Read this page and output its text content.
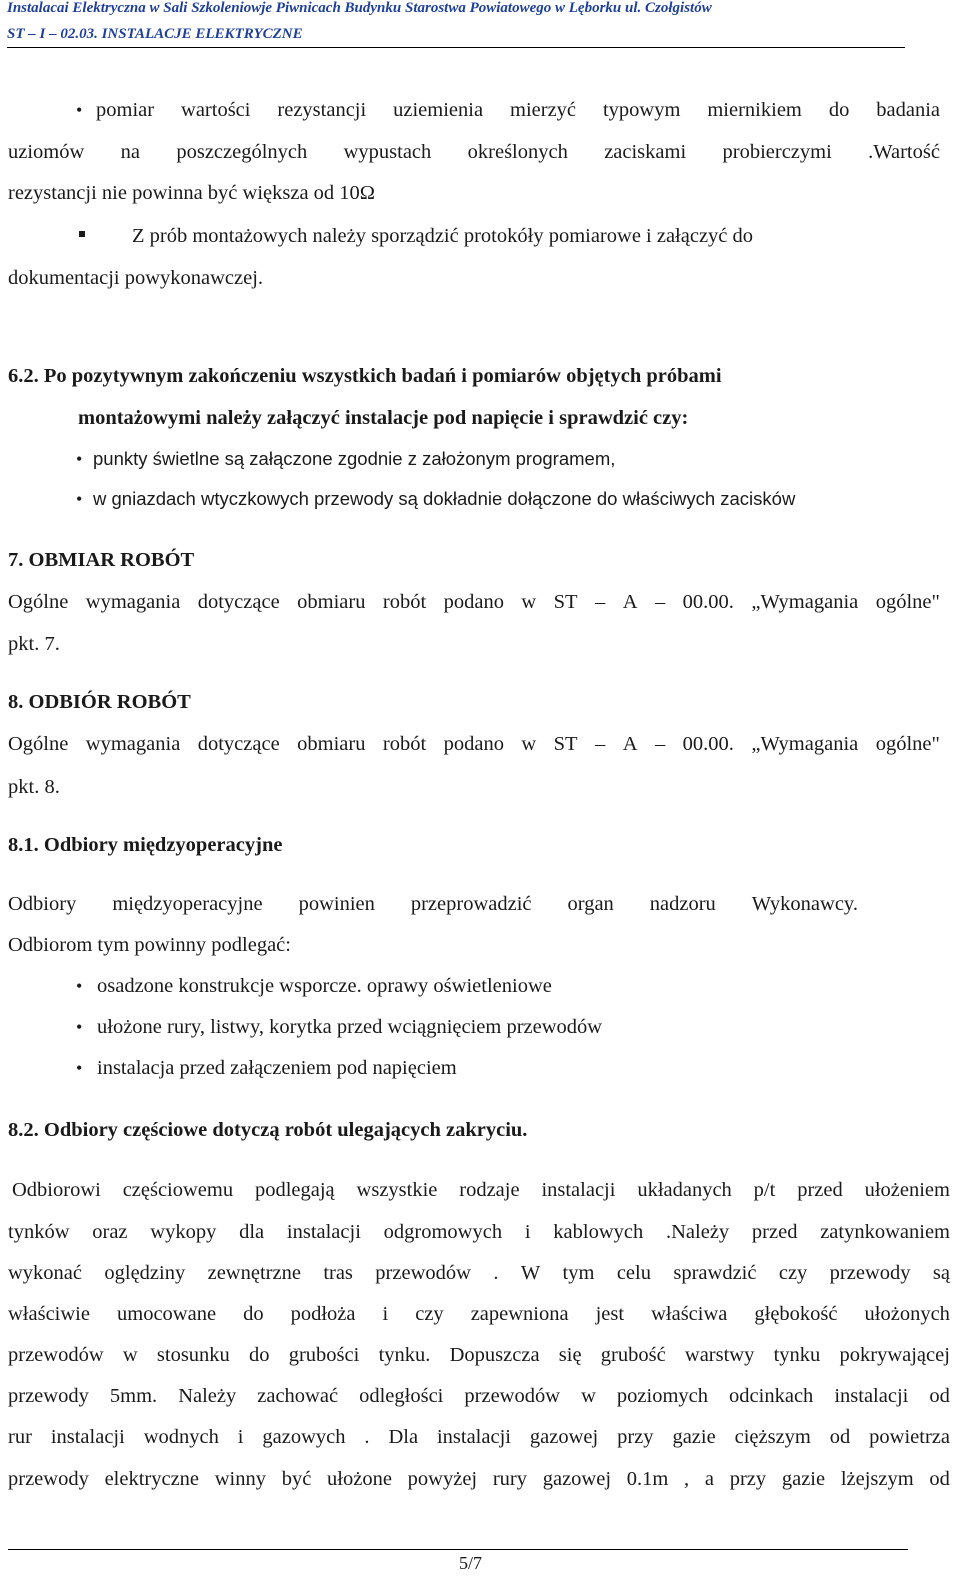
Instalacai Elektryczna w Sali Szkoleniowje Piwnicach Budynku Starostwa Powiatowego w Lęborku ul. Czołgistów
ST – I – 02.03. INSTALACJE ELEKTRYCZNE
• pomiar wartości rezystancji uziemienia mierzyć typowym miernikiem do badania
uziomów na poszczególnych wypustach określonych zaciskami probierczymi .Wartość
rezystancji nie powinna być większa od 10Ω
Z prób montażowych należy sporządzić protokóły pomiarowe i załączyć do
dokumentacji powykonawczej.
6.2. Po pozytywnym zakończeniu wszystkich badań i pomiarów objętych próbami
montażowymi należy załączyć instalacje pod napięcie i sprawdzić czy:
• punkty świetlne są załączone zgodnie z założonym programem,
• w gniazdach wtyczkowych przewody są dokładnie dołączone do właściwych zacisków
7. OBMIAR ROBÓT
Ogólne wymagania dotyczące obmiaru robót podano w ST – A – 00.00. „Wymagania ogólne"
pkt. 7.
8. ODBIÓR ROBÓT
Ogólne wymagania dotyczące obmiaru robót podano w ST – A – 00.00. „Wymagania ogólne"
pkt. 8.
8.1. Odbiory międzyoperacyjne
Odbiory międzyoperacyjne powinien przeprowadzić organ nadzoru Wykonawcy.
Odbiorom tym powinny podlegać:
• osadzone konstrukcje wsporcze. oprawy oświetleniowe
• ułożone rury, listwy, korytka przed wciągnięciem przewodów
• instalacja przed załączeniem pod napięciem
8.2. Odbiory częściowe dotyczą robót ulegających zakryciu.
Odbiorowi częściowemu podlegają wszystkie rodzaje instalacji układanych p/t przed ułożeniem
tynków oraz wykopy dla instalacji odgromowych i kablowych .Należy przed zatynkowaniem
wykonać oględziny zewnętrzne tras przewodów . W tym celu sprawdzić czy przewody są
właściwie umocowane do podłoża i czy zapewniona jest właściwa głębokość ułożonych
przewodów w stosunku do grubości tynku. Dopuszcza się grubość warstwy tynku pokrywającej
przewody 5mm. Należy zachować odległości przewodów w poziomych odcinkach instalacji od
rur instalacji wodnych i gazowych . Dla instalacji gazowej przy gazie cięższym od powietrza
przewody elektryczne winny być ułożone powyżej rury gazowej 0.1m , a przy gazie lżejszym od
5/7
